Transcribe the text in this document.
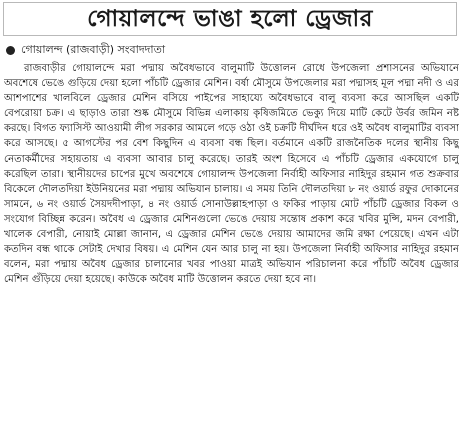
গোয়ালন্দে ভাঙা হলো ড্রেজার
গোয়ালন্দ (রাজবাড়ী) সংবাদদাতা

রাজবাড়ীর গোয়ালন্দে মরা পদ্মায় অবৈধভাবে বালুমাটি উত্তোলন রোধে উপজেলা প্রশাসনের অভিযানে অবশেষে ভেঙে গুড়িয়ে দেয়া হলো পাঁচটি ড্রেজার মেশিন। বর্ষা মৌসুমে উপজেলার মরা পদ্মাসহ মূল পদ্মা নদী ও এর আশপাশের খালবিলে ড্রেজার মেশিন বসিয়ে পাইপের সাহায্যে অবৈধভাবে বালু ব্যবসা করে আসছিল একটি বেপরোয়া চক্র। এ ছাড়াও তারা শুষ্ক মৌসুমে বিভিন্ন এলাকায় কৃষিজমিতে ভেক্যু দিয়ে মাটি কেটে উর্বর জমিন নষ্ট করছে। বিগত ফ্যাসিস্ট আওয়ামী লীগ সরকার আমলে গড়ে ওঠা ওই চক্রটি দীর্ঘদিন ধরে ওই অবৈধ বালুমাটির ব্যবসা করে আসছে। ৫ আগস্টের পর বেশ কিছুদিন এ ব্যবসা বন্ধ ছিল। বর্তমানে একটি রাজনৈতিক দলের স্থানীয় কিছু নেতাকর্মীদের সহায়তায় এ ব্যবসা আবার চালু করেছে। তারই অংশ হিসেবে এ পাঁচটি ড্রেজার একযোগে চালু করেছিল তারা। স্থানীয়দের চাপের মুখে অবশেষে গোয়ালন্দ উপজেলা নির্বাহী অফিসার নাহিদুর রহমান গত শুক্রবার বিকেলে দৌলতদিয়া ইউনিয়নের মরা পদ্মায় অভিযান চালায়। এ সময় তিনি দৌলতদিয়া ৮ নং ওয়ার্ড রফুর দোকানের সামনে, ৬ নং ওয়ার্ড সৈয়দদীপাড়া, ৪ নং ওয়ার্ড সোনাউল্লাহপাড়া ও ফকির পাড়ায় মোট পাঁচটি ড্রেজার বিকল ও সংযোগ বিচ্ছিন্ন করেন। অবৈধ এ ড্রেজার মেশিনগুলো ভেঙে দেয়ায় সন্তোষ প্রকাশ করে খবির মুন্সি, মদন বেপারী, খালেক বেপারী, নোয়াই মোল্লা জানান, এ ড্রেজার মেশিন ভেঙে দেয়ায় আমাদের জমি রক্ষা পেয়েছে। এখন এটা কতদিন বন্ধ থাকে সেটাই দেখার বিষয়। এ মেশিন যেন আর চালু না হয়। উপজেলা নির্বাহী অফিসার নাহিদুর রহমান বলেন, মরা পদ্মায় অবৈধ ড্রেজার চালানোর খবর পাওয়া মাত্রই অভিযান পরিচালনা করে পাঁচটি অবৈধ ড্রেজার মেশিন গুঁড়িয়ে দেয়া হয়েছে। কাউকে অবৈধ মাটি উত্তোলন করতে দেয়া হবে না।
